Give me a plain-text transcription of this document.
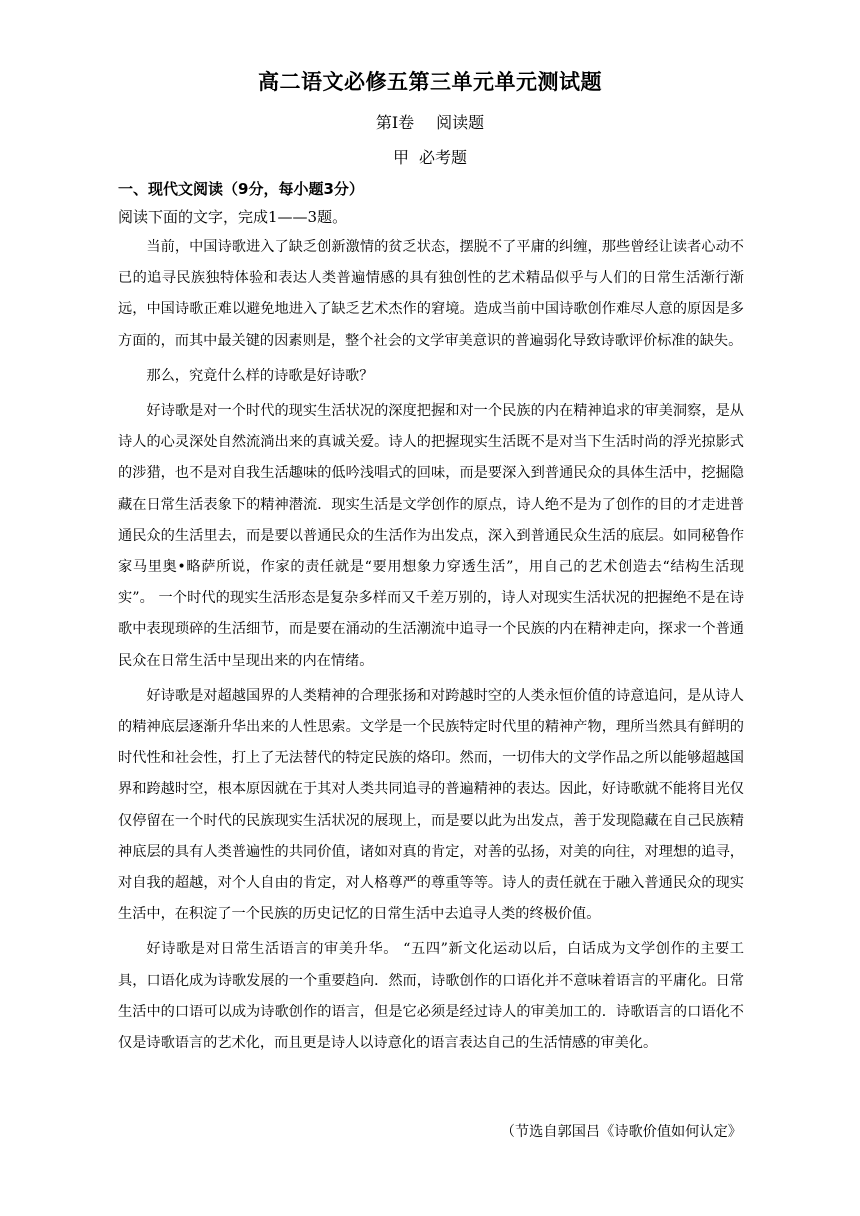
高二语文必修五第三单元单元测试题
第Ⅰ卷 阅读题
甲 必考题
一、现代文阅读（9分，每小题3分）
阅读下面的文字，完成1——3题。

当前，中国诗歌进入了缺乏创新激情的贫乏状态，摆脱不了平庸的纠缠，那些曾经让读者心动不已的追寻民族独特体验和表达人类普遍情感的具有独创性的艺术精品似乎与人们的日常生活渐行渐远，中国诗歌正难以避免地进入了缺乏艺术杰作的窘境。造成当前中国诗歌创作难尽人意的原因是多方面的，而其中最关键的因素则是，整个社会的文学审美意识的普遍弱化导致诗歌评价标准的缺失。

那么，究竟什么样的诗歌是好诗歌？

好诗歌是对一个时代的现实生活状况的深度把握和对一个民族的内在精神追求的审美洞察，是从诗人的心灵深处自然流淌出来的真诚关爱。诗人的把握现实生活既不是对当下生活时尚的浮光掠影式的涉猎，也不是对自我生活趣味的低吟浅唱式的回味，而是要深入到普通民众的具体生活中，挖掘隐藏在日常生活表象下的精神潜流．现实生活是文学创作的原点，诗人绝不是为了创作的目的才走进普通民众的生活里去，而是要以普通民众的生活作为出发点，深入到普通民众生活的底层。如同秘鲁作家马里奥•略萨所说，作家的责任就是“要用想象力穿透生活”，用自己的艺术创造去“结构生活现实”。 一个时代的现实生活形态是复杂多样而又千差万别的，诗人对现实生活状况的把握绝不是在诗歌中表现琐碎的生活细节，而是要在涌动的生活潮流中追寻一个民族的内在精神走向，探求一个普通民众在日常生活中呈现出来的内在情绪。

好诗歌是对超越国界的人类精神的合理张扬和对跨越时空的人类永恒价值的诗意追问，是从诗人的精神底层逐渐升华出来的人性思索。文学是一个民族特定时代里的精神产物，理所当然具有鲜明的时代性和社会性，打上了无法替代的特定民族的烙印。然而，一切伟大的文学作品之所以能够超越国界和跨越时空，根本原因就在于其对人类共同追寻的普遍精神的表达。因此，好诗歌就不能将目光仅仅停留在一个时代的民族现实生活状况的展现上，而是要以此为出发点，善于发现隐藏在自己民族精神底层的具有人类普遍性的共同价值，诸如对真的肯定，对善的弘扬，对美的向往，对理想的追寻，对自我的超越，对个人自由的肯定，对人格尊严的尊重等等。诗人的责任就在于融入普通民众的现实生活中，在积淀了一个民族的历史记忆的日常生活中去追寻人类的终极价值。

好诗歌是对日常生活语言的审美升华。 “五四”新文化运动以后，白话成为文学创作的主要工具，口语化成为诗歌发展的一个重要趋向．然而，诗歌创作的口语化并不意味着语言的平庸化。日常生活中的口语可以成为诗歌创作的语言，但是它必须是经过诗人的审美加工的．诗歌语言的口语化不仅是诗歌语言的艺术化，而且更是诗人以诗意化的语言表达自己的生活情感的审美化。

（节选自郭国吕《诗歌价值如何认定》
